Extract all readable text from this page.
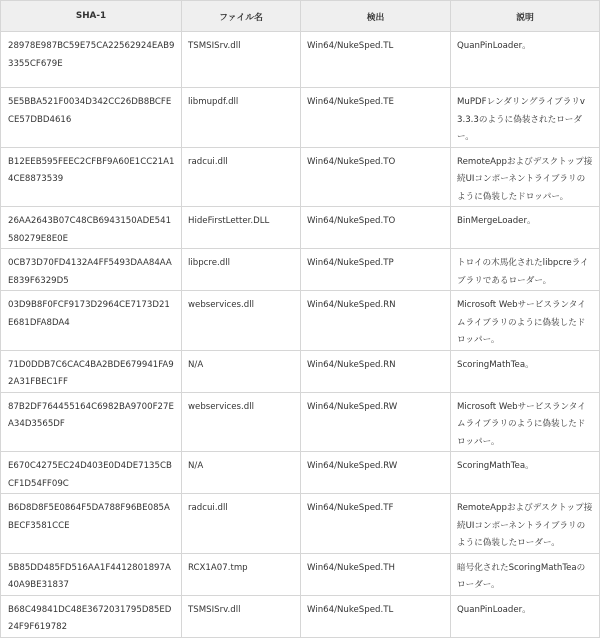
SHA-1	ファイル名	検出	説明
28978E987BC59E75CA22562924EAB93355CF679E	TSMSISrv.dll	Win64/NukeSped.TL	QuanPinLoader。
5E5BBA521F0034D342CC26DB8BCFECE57DBD4616	libmupdf.dll	Win64/NukeSped.TE	MuPDFレンダリングライブラリv3.3.3のように偽装されたローダー。
B12EEB595FEEC2CFBF9A60E1CC21A14CE8873539	radcui.dll	Win64/NukeSped.TO	RemoteAppおよびデスクトップ接続UIコンポーネントライブラリのように偽装したドロッパー。
26AA2643B07C48CB6943150ADE541580279E8E0E	HideFirstLetter.DLL	Win64/NukeSped.TO	BinMergeLoader。
0CB73D70FD4132A4FF5493DAA84AAE839F6329D5	libpcre.dll	Win64/NukeSped.TP	トロイの木馬化されたlibpcreライブラリであるローダー。
03D9B8F0FCF9173D2964CE7173D21E681DFA8DA4	webservices.dll	Win64/NukeSped.RN	Microsoft Webサービスランタイムライブラリのように偽装したドロッパー。
71D0DDB7C6CAC4BA2BDE679941FA92A31FBEC1FF	N/A	Win64/NukeSped.RN	ScoringMathTea。
87B2DF764455164C6982BA9700F27EA34D3565DF	webservices.dll	Win64/NukeSped.RW	Microsoft Webサービスランタイムライブラリのように偽装したドロッパー。
E670C4275EC24D403E0D4DE7135CBCF1D54FF09C	N/A	Win64/NukeSped.RW	ScoringMathTea。
B6D8D8F5E0864F5DA788F96BE085ABECF3581CCE	radcui.dll	Win64/NukeSped.TF	RemoteAppおよびデスクトップ接続UIコンポーネントライブラリのように偽装したローダー。
5B85DD485FD516AA1F4412801897A40A9BE31837	RCX1A07.tmp	Win64/NukeSped.TH	暗号化されたScoringMathTeaのローダー。
B68C49841DC48E3672031795D85ED24F9F619782	TSMSISrv.dll	Win64/NukeSped.TL	QuanPinLoader。
